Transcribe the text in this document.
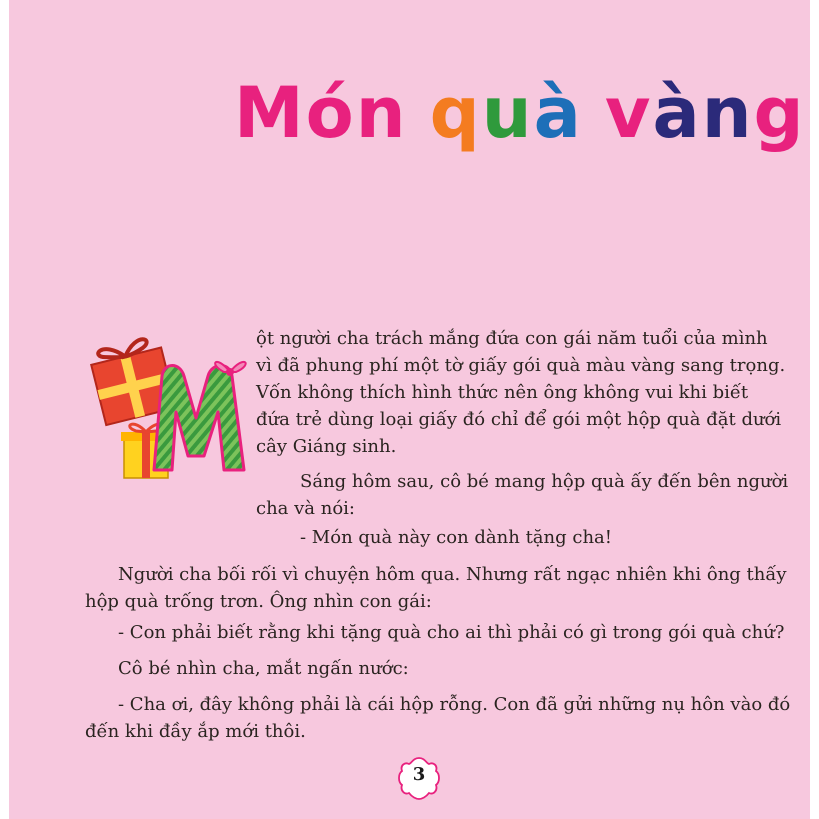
Món quà vàng
M	ột người cha trách mắng đứa con gái năm tuổi của mình
vì đã phung phí một tờ giấy gói quà màu vàng sang trọng.
Vốn không thích hình thức nên ông không vui khi biết
đứa trẻ dùng loại giấy đó chỉ để gói một hộp quà đặt dưới
cây Giáng sinh.
Sáng hôm sau, cô bé mang hộp quà ấy đến bên người
cha và nói:
- Món quà này con dành tặng cha!
Người cha bối rối vì chuyện hôm qua. Nhưng rất ngạc nhiên khi ông thấy
hộp quà trống trơn. Ông nhìn con gái:
- Con phải biết rằng khi tặng quà cho ai thì phải có gì trong gói quà chứ?
Cô bé nhìn cha, mắt ngấn nước:
- Cha ơi, đây không phải là cái hộp rỗng. Con đã gửi những nụ hôn vào đó
đến khi đầy ắp mới thôi.
3
